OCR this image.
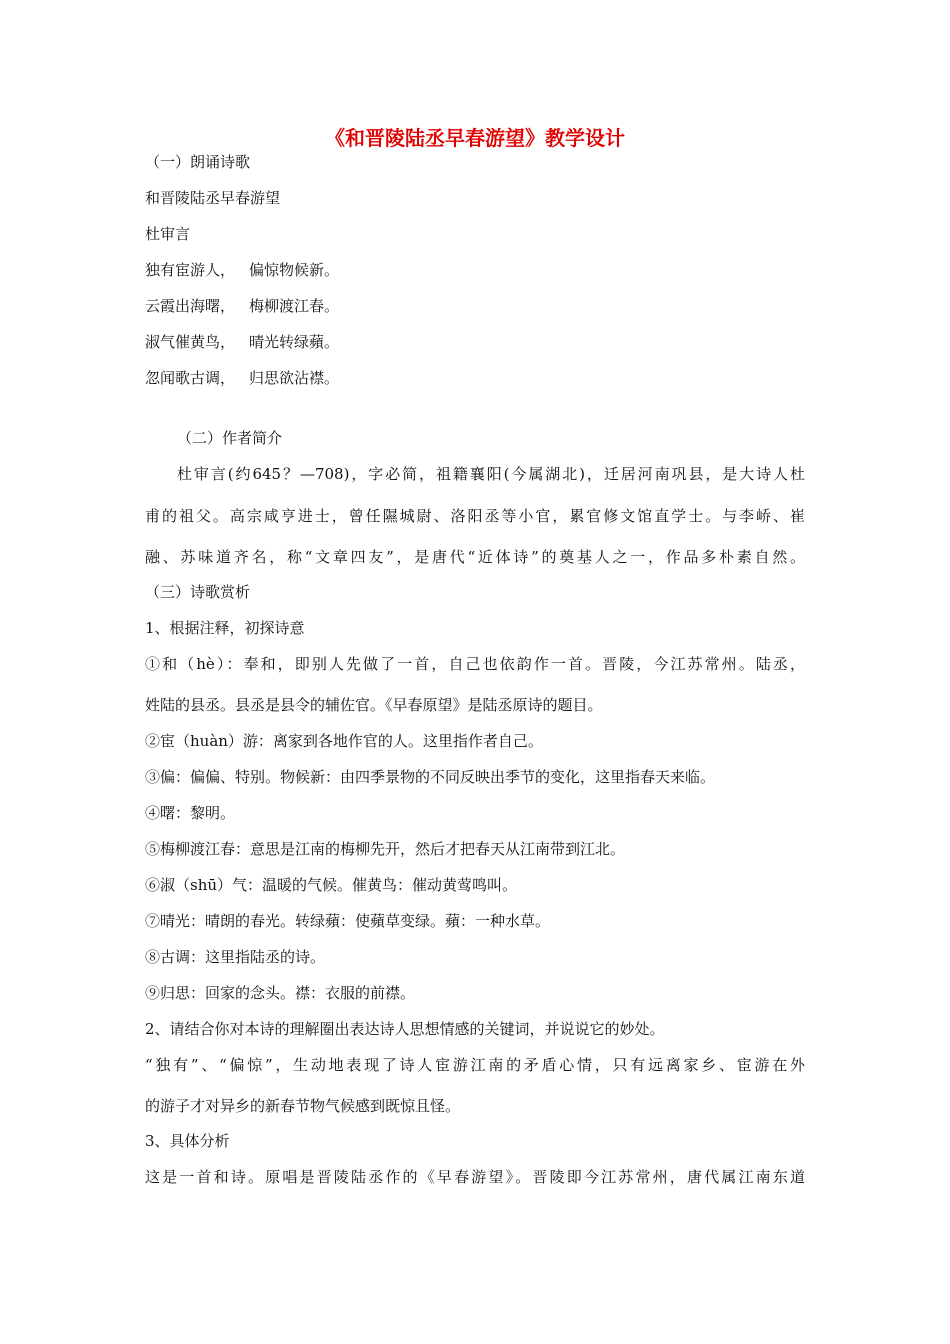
《和晋陵陆丞早春游望》教学设计
（一）朗诵诗歌
和晋陵陆丞早春游望
杜审言
独有宦游人， 偏惊物候新。
云霞出海曙， 梅柳渡江春。
淑气催黄鸟， 晴光转绿蘋。
忽闻歌古调， 归思欲沾襟。
（二）作者简介
杜审言(约645？—708)，字必简，祖籍襄阳(今属湖北)，迁居河南巩县，是大诗人杜
甫的祖父。高宗咸亨进士，曾任隰城尉、洛阳丞等小官，累官修文馆直学士。与李峤、崔
融、苏味道齐名，称“文章四友”，是唐代“近体诗”的奠基人之一，作品多朴素自然。
（三）诗歌赏析
1、根据注释，初探诗意
①和（hè）：奉和，即别人先做了一首，自己也依韵作一首。晋陵，今江苏常州。陆丞，
姓陆的县丞。县丞是县令的辅佐官。《早春原望》是陆丞原诗的题目。
②宦（huàn）游：离家到各地作官的人。这里指作者自己。
③偏：偏偏、特别。物候新：由四季景物的不同反映出季节的变化，这里指春天来临。
④曙：黎明。
⑤梅柳渡江春：意思是江南的梅柳先开，然后才把春天从江南带到江北。
⑥淑（shū）气：温暖的气候。催黄鸟：催动黄莺鸣叫。
⑦晴光：晴朗的春光。转绿蘋：使蘋草变绿。蘋：一种水草。
⑧古调：这里指陆丞的诗。
⑨归思：回家的念头。襟：衣服的前襟。
2、请结合你对本诗的理解圈出表达诗人思想情感的关键词，并说说它的妙处。
“独有”、“偏惊”，生动地表现了诗人宦游江南的矛盾心情，只有远离家乡、宦游在外
的游子才对异乡的新春节物气候感到既惊且怪。
3、具体分析
这是一首和诗。原唱是晋陵陆丞作的《早春游望》。晋陵即今江苏常州，唐代属江南东道
